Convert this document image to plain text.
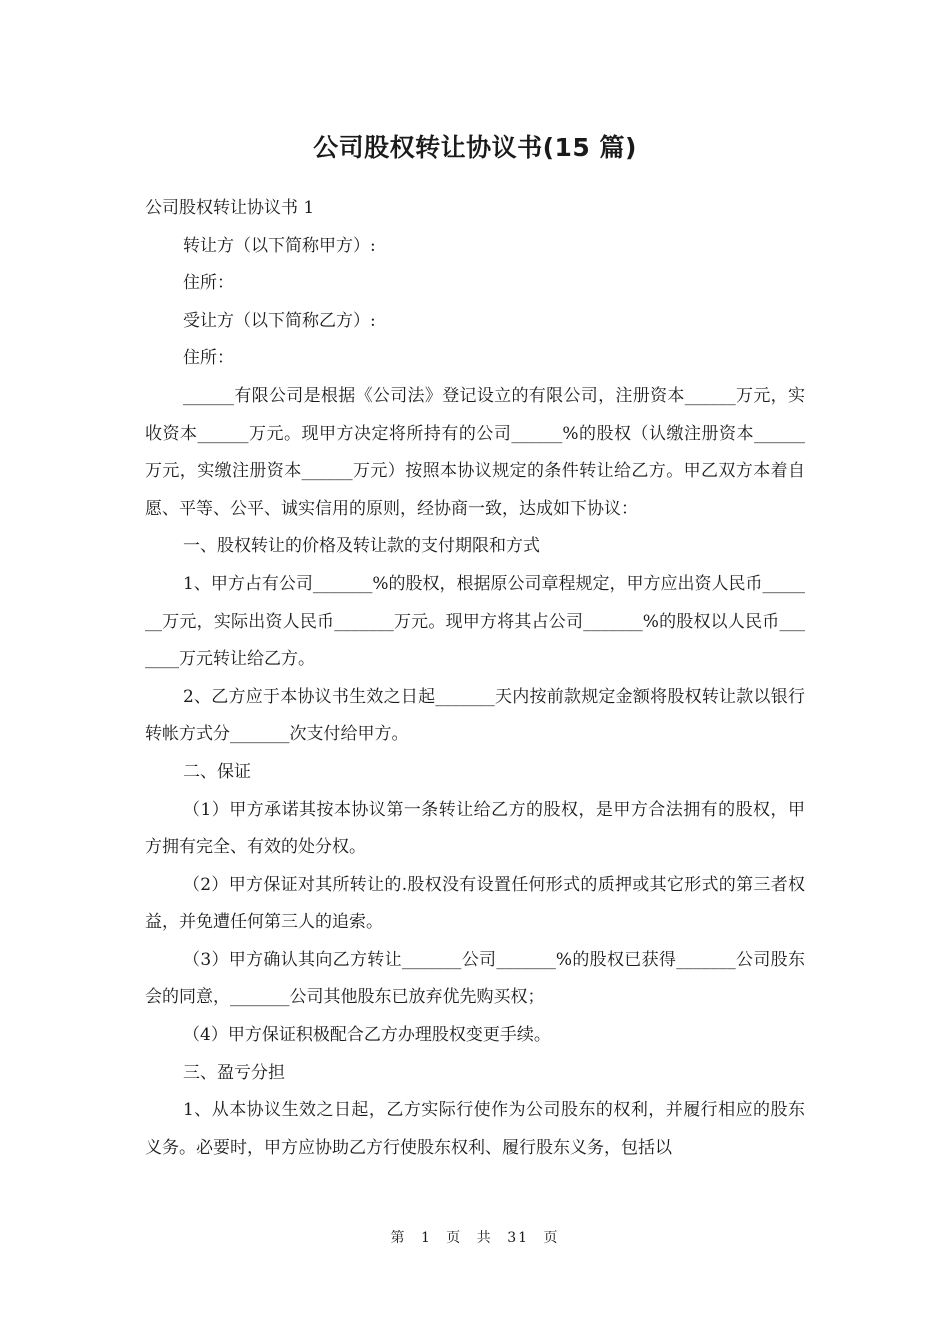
公司股权转让协议书(15 篇)

公司股权转让协议书 1

转让方（以下简称甲方）:

住所：

受让方（以下简称乙方）:

住所：

______有限公司是根据《公司法》登记设立的有限公司，注册资本______万元，实收资本______万元。现甲方决定将所持有的公司______%的股权（认缴注册资本______万元，实缴注册资本______万元）按照本协议规定的条件转让给乙方。甲乙双方本着自愿、平等、公平、诚实信用的原则，经协商一致，达成如下协议：

一、股权转让的价格及转让款的支付期限和方式

1、甲方占有公司_______%的股权，根据原公司章程规定，甲方应出资人民币_______万元，实际出资人民币_______万元。现甲方将其占公司_______%的股权以人民币_______万元转让给乙方。

2、乙方应于本协议书生效之日起_______天内按前款规定金额将股权转让款以银行转帐方式分_______次支付给甲方。

二、保证

（1）甲方承诺其按本协议第一条转让给乙方的股权，是甲方合法拥有的股权，甲方拥有完全、有效的处分权。

（2）甲方保证对其所转让的.股权没有设置任何形式的质押或其它形式的第三者权益，并免遭任何第三人的追索。

（3）甲方确认其向乙方转让_______公司_______%的股权已获得_______公司股东会的同意，_______公司其他股东已放弃优先购买权；

（4）甲方保证积极配合乙方办理股权变更手续。

三、盈亏分担

1、从本协议生效之日起，乙方实际行使作为公司股东的权利，并履行相应的股东义务。必要时，甲方应协助乙方行使股东权利、履行股东义务，包括以

第 1 页 共 31 页
